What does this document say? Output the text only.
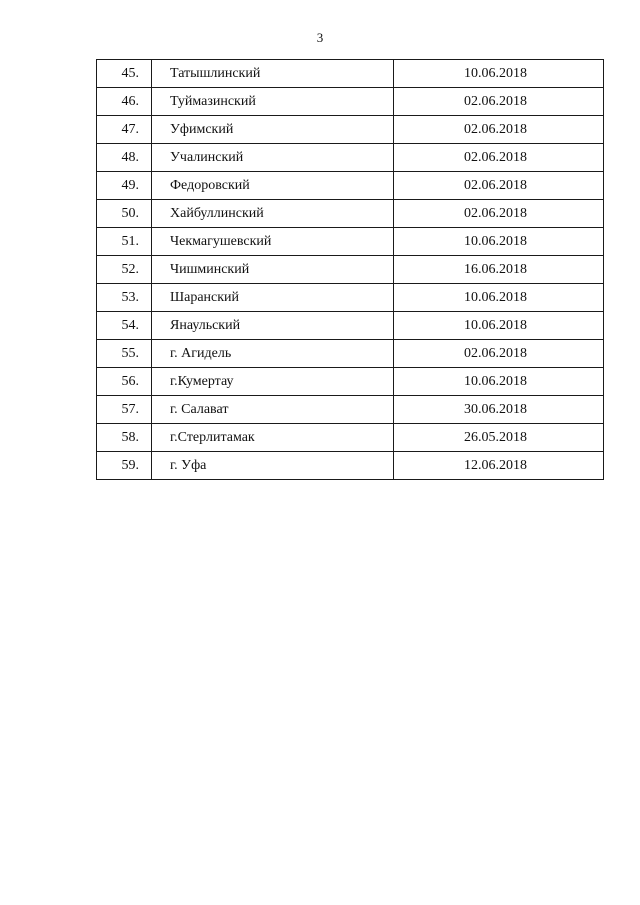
3
45.	Татышлинский	10.06.2018
46.	Туймазинский	02.06.2018
47.	Уфимский	02.06.2018
48.	Учалинский	02.06.2018
49.	Федоровский	02.06.2018
50.	Хайбуллинский	02.06.2018
51.	Чекмагушевский	10.06.2018
52.	Чишминский	16.06.2018
53.	Шаранский	10.06.2018
54.	Янаульский	10.06.2018
55.	г. Агидель	02.06.2018
56.	г.Кумертау	10.06.2018
57.	г. Салават	30.06.2018
58.	г.Стерлитамак	26.05.2018
59.	г. Уфа	12.06.2018
